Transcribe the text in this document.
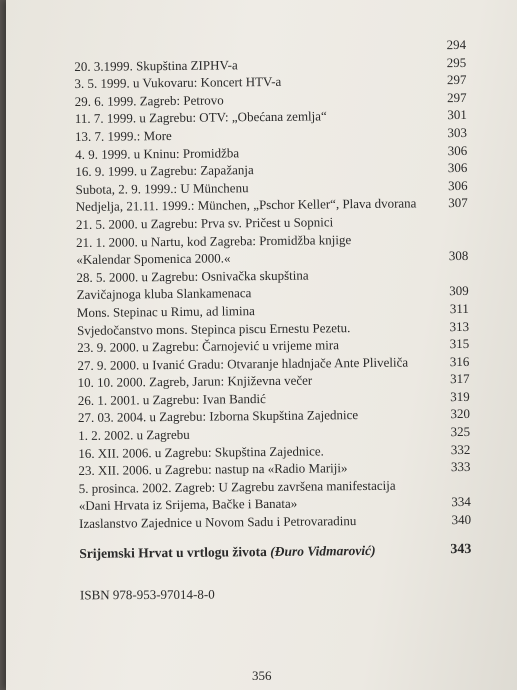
294
20. 3.1999. Skupština ZIPHV-a	295
3. 5. 1999. u Vukovaru: Koncert HTV-a	297
29. 6. 1999. Zagreb: Petrovo	297
11. 7. 1999. u Zagrebu: OTV: „Obećana zemlja“	301
13. 7. 1999.: More	303
4. 9. 1999. u Kninu: Promidžba	306
16. 9. 1999. u Zagrebu: Zapažanja	306
Subota, 2. 9. 1999.: U Münchenu	306
Nedjelja, 21.11. 1999.: München, „Pschor Keller“, Plava dvorana 307
21. 5. 2000. u Zagrebu: Prva sv. Pričest u Sopnici
21. 1. 2000. u Nartu, kod Zagreba: Promidžba knjige
«Kalendar Spomenica 2000.«	308
28. 5. 2000. u Zagrebu: Osnivačka skupština
Zavičajnoga kluba Slankamenaca	309
Mons. Stepinac u Rimu, ad limina	311
Svjedočanstvo mons. Stepinca piscu Ernestu Pezetu.	313
23. 9. 2000. u Zagrebu: Čarnojević u vrijeme mira	315
27. 9. 2000. u Ivanić Gradu: Otvaranje hladnjače Ante Pliveliča	316
10. 10. 2000. Zagreb, Jarun: Književna večer	317
26. 1. 2001. u Zagrebu: Ivan Bandić	319
27. 03. 2004. u Zagrebu: Izborna Skupština Zajednice	320
1. 2. 2002. u Zagrebu	325
16. XII. 2006. u Zagrebu: Skupština Zajednice.	332
23. XII. 2006. u Zagrebu: nastup na «Radio Mariji»	333
5. prosinca. 2002. Zagreb: U Zagrebu završena manifestacija
«Dani Hrvata iz Srijema, Bačke i Banata»	334
Izaslanstvo Zajednice u Novom Sadu i Petrovaradinu	340
Srijemski Hrvat u vrtlogu života (Đuro Vidmarović)	343
ISBN 978-953-97014-8-0
356
